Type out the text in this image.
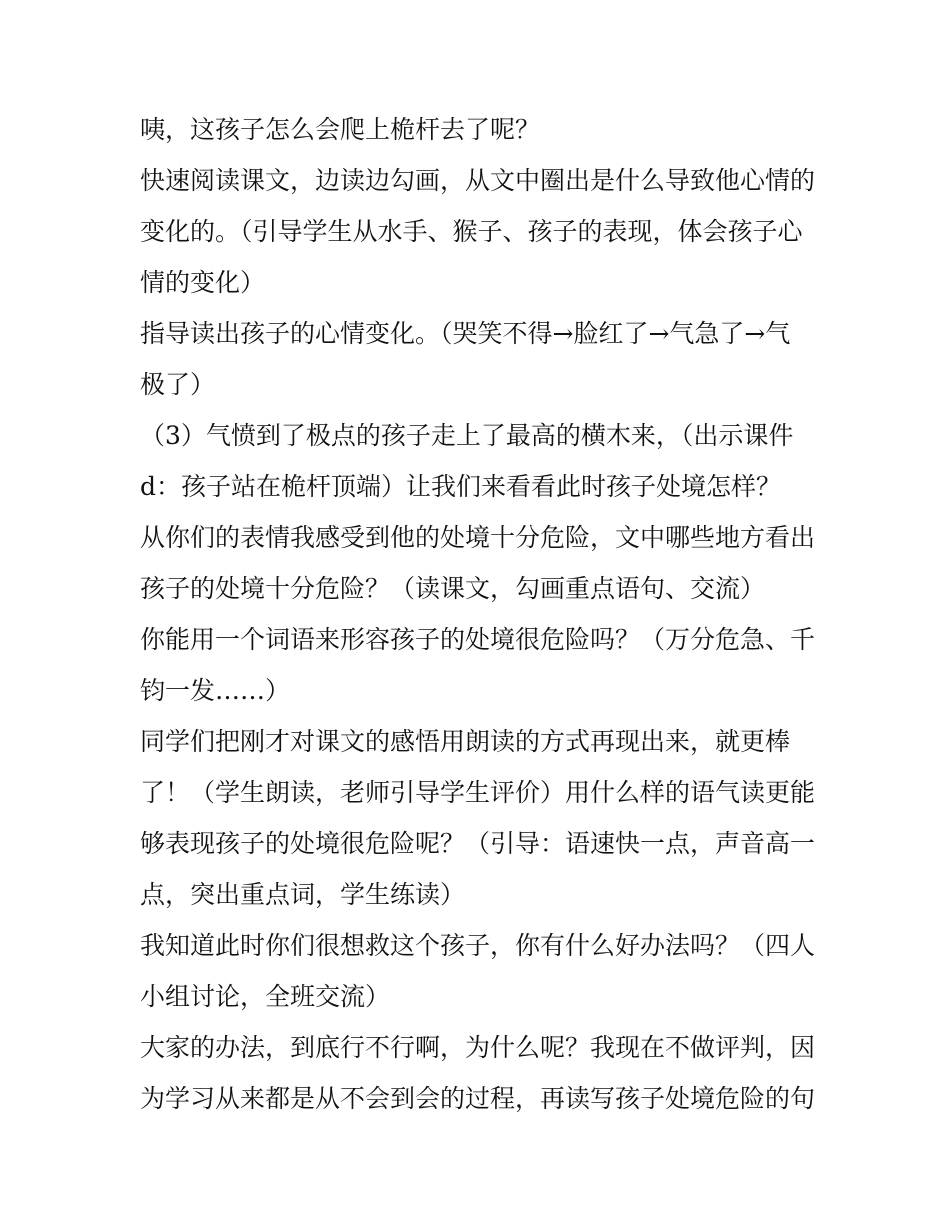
咦，这孩子怎么会爬上桅杆去了呢？
快速阅读课文，边读边勾画，从文中圈出是什么导致他心情的
变化的。（引导学生从水手、猴子、孩子的表现，体会孩子心
情的变化）
指导读出孩子的心情变化。（哭笑不得→脸红了→气急了→气
极了）
（3）气愤到了极点的孩子走上了最高的横木来，（出示课件
d：孩子站在桅杆顶端）让我们来看看此时孩子处境怎样？
从你们的表情我感受到他的处境十分危险，文中哪些地方看出
孩子的处境十分危险？（读课文，勾画重点语句、交流）
你能用一个词语来形容孩子的处境很危险吗？（万分危急、千
钧一发……）
同学们把刚才对课文的感悟用朗读的方式再现出来，就更棒
了！（学生朗读，老师引导学生评价）用什么样的语气读更能
够表现孩子的处境很危险呢？（引导：语速快一点，声音高一
点，突出重点词，学生练读）
我知道此时你们很想救这个孩子，你有什么好办法吗？（四人
小组讨论，全班交流）
大家的办法，到底行不行啊，为什么呢？我现在不做评判，因
为学习从来都是从不会到会的过程，再读写孩子处境危险的句
